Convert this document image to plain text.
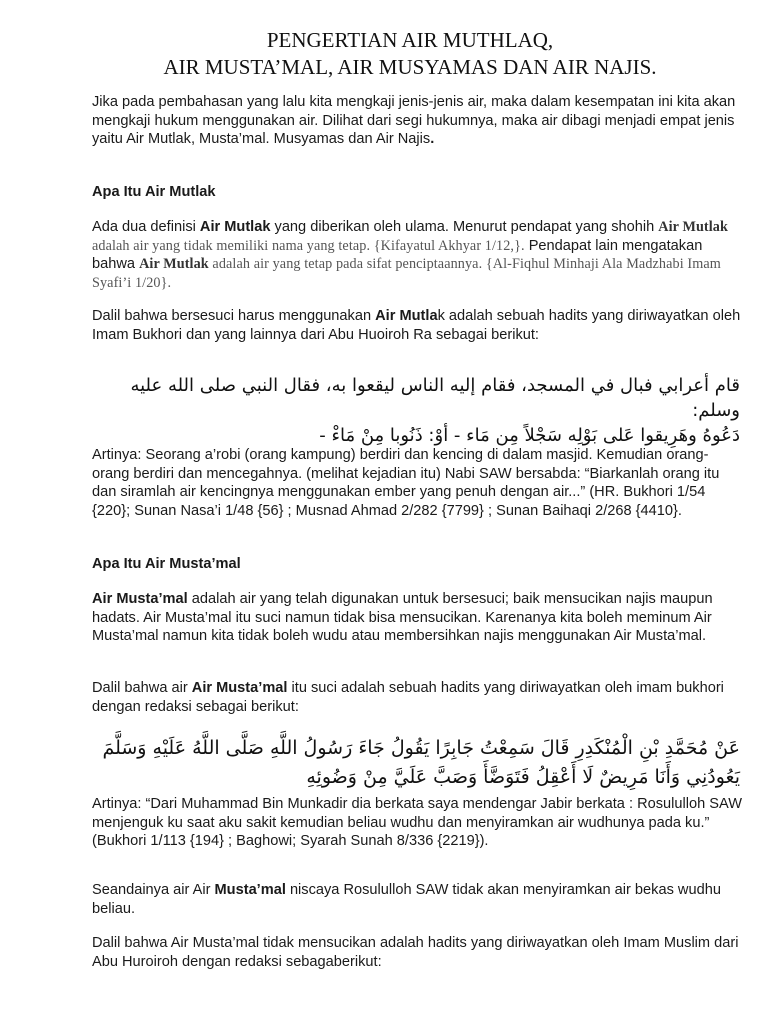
PENGERTIAN AIR MUTHLAQ,
AIR MUSTA’MAL, AIR MUSYAMAS DAN AIR NAJIS.
Jika pada pembahasan yang lalu kita mengkaji jenis-jenis air, maka dalam kesempatan ini kita akan mengkaji hukum menggunakan air. Dilihat dari segi hukumnya, maka air dibagi menjadi empat jenis yaitu Air Mutlak, Musta’mal. Musyamas dan Air Najis.
Apa Itu Air Mutlak
Ada dua definisi Air Mutlak yang diberikan oleh ulama. Menurut pendapat yang shohih Air Mutlak adalah air yang tidak memiliki nama yang tetap. {Kifayatul Akhyar 1/12,}. Pendapat lain mengatakan bahwa Air Mutlak adalah air yang tetap pada sifat penciptaannya. {Al-Fiqhul Minhaji Ala Madzhabi Imam Syafi’i 1/20}.
Dalil bahwa bersesuci harus menggunakan Air Mutlak adalah sebuah hadits yang diriwayatkan oleh Imam Bukhori dan yang lainnya dari Abu Huoiroh Ra sebagai berikut:
قام أعرابي فبال في المسجد، فقام إليه الناس ليقعوا به، فقال النبي صلى الله عليه وسلم:
دَعُوهُ وهَرِيقوا عَلى بَوْلِه سَجْلاً مِن مَاء - أوْ: ذَنُوبا مِنْ مَاءْ -
Artinya: Seorang a’robi (orang kampung) berdiri dan kencing di dalam masjid. Kemudian orang-orang berdiri dan mencegahnya. (melihat kejadian itu) Nabi SAW bersabda: “Biarkanlah orang itu dan siramlah air kencingnya menggunakan ember yang penuh dengan air...” (HR. Bukhori 1/54 {220}; Sunan Nasa’i 1/48 {56} ; Musnad Ahmad 2/282 {7799} ; Sunan Baihaqi 2/268 {4410}.
Apa Itu Air Musta’mal
Air Musta’mal adalah air yang telah digunakan untuk bersesuci; baik mensucikan najis maupun hadats. Air Musta’mal itu suci namun tidak bisa mensucikan. Karenanya kita boleh meminum Air Musta’mal namun kita tidak boleh wudu atau membersihkan najis menggunakan Air Musta’mal.
Dalil bahwa air Air Musta’mal itu suci adalah sebuah hadits yang diriwayatkan oleh imam bukhori dengan redaksi sebagai berikut:
عَنْ مُحَمَّدِ بْنِ الْمُنْكَدِرِ قَالَ سَمِعْتُ جَابِرًا يَقُولُ جَاءَ رَسُولُ اللَّهِ صَلَّى اللَّهُ عَلَيْهِ وَسَلَّمَ
يَعُودُنِي وَأَنَا مَرِيضٌ لَا أَعْقِلُ فَتَوَضَّأَ وَصَبَّ عَلَيَّ مِنْ وَضُوئِهِ
Artinya: “Dari Muhammad Bin Munkadir dia berkata saya mendengar Jabir berkata : Rosululloh SAW menjenguk ku saat aku sakit kemudian beliau wudhu dan menyiramkan air wudhunya pada ku.” (Bukhori 1/113 {194} ; Baghowi; Syarah Sunah 8/336 {2219}).
Seandainya air Air Musta’mal niscaya Rosululloh SAW tidak akan menyiramkan air bekas wudhu beliau.
Dalil bahwa Air Musta’mal tidak mensucikan adalah hadits yang diriwayatkan oleh Imam Muslim dari Abu Huroiroh dengan redaksi sebagaberikut:
